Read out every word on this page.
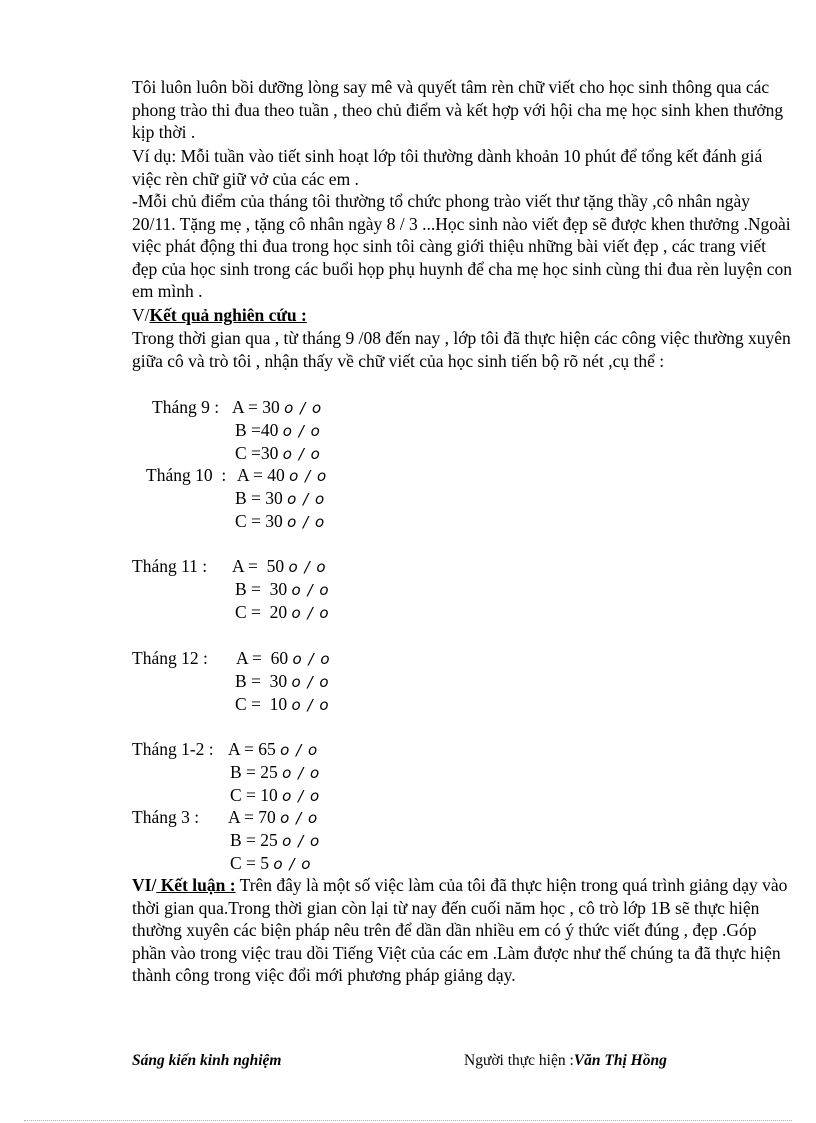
Tôi luôn luôn bồi dưỡng lòng say mê và quyết tâm rèn chữ viết cho học sinh thông qua các phong trào thi đua theo tuần , theo chủ điểm và kết hợp với hội cha mẹ học sinh khen thưởng kịp thời .

Ví dụ: Mỗi tuần vào tiết sinh hoạt lớp tôi thường dành khoản 10 phút để tổng kết đánh giá việc rèn chữ giữ vở của các em .

-Mỗi chủ điểm của tháng tôi thường tổ chức phong trào viết thư tặng thầy ,cô nhân ngày 20/11. Tặng mẹ , tặng cô nhân ngày 8 / 3 ...Học sinh nào viết đẹp sẽ được khen thưởng .Ngoài việc phát động thi đua trong học sinh tôi càng giới thiệu những bài viết đẹp , các trang viết đẹp của học sinh trong các buổi họp phụ huynh để cha mẹ học sinh cùng thi đua rèn luyện con em mình .

V/Kết quả nghiên cứu :

Trong thời gian qua , từ tháng 9 /08 đến nay , lớp tôi đã thực hiện các công việc thường xuyên giữa cô và trò tôi , nhận thấy về chữ viết của học sinh tiến bộ rõ nét ,cụ thể :

Tháng 9 : A = 30 o / o
B =40 o / o
C =30 o / o
Tháng 10  : A = 40 o / o
B = 30 o / o
C = 30 o / o
Tháng 11 : A =  50 o / o
B =  30 o / o
C =  20 o / o
Tháng 12 : A =  60 o / o
B =  30 o / o
C =  10 o / o
Tháng 1-2 : A = 65 o / o
B = 25 o / o
C = 10 o / o
Tháng 3 : A = 70 o / o
B = 25 o / o
C = 5 o / o

VI/ Kết luận : Trên đây là một số việc làm của tôi đã thực hiện trong quá trình giảng dạy vào thời gian qua.Trong thời gian còn lại từ nay đến cuối năm học , cô trò lớp 1B sẽ thực hiện thường xuyên các biện pháp nêu trên để dần dần nhiều em có ý thức viết đúng , đẹp .Góp phần vào trong việc trau dồi Tiếng Việt của các em .Làm được như thế chúng ta đã thực hiện thành công trong việc đổi mới phương pháp giảng dạy.

Sáng kiến kinh nghiệm	Người thực hiện :Văn Thị Hồng
